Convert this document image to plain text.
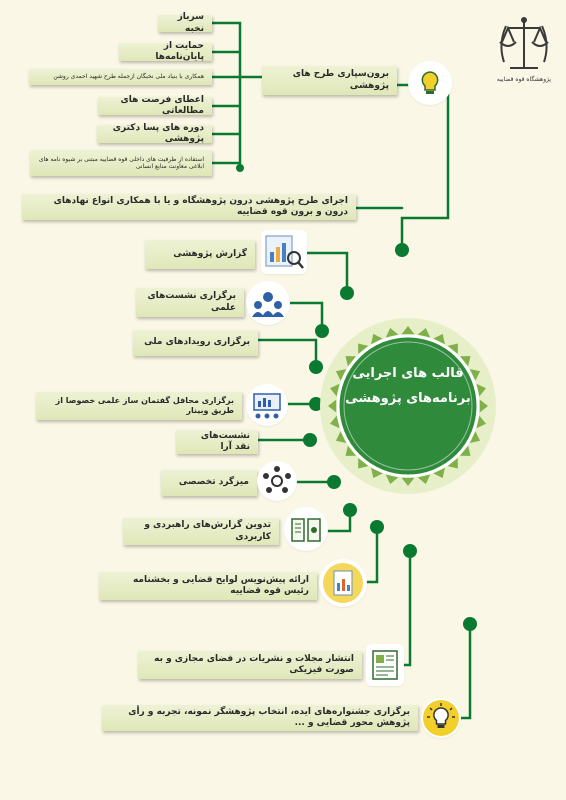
پژوهشگاه قوه قضاییه
قالب های اجرایی
برنامه‌های پژوهشی
سرباز نخبه
حمایت از پایان‌نامه‌ها
همکاری با بنیاد ملی نخبگان ازجمله طرح شهید احمدی روشن
اعطای فرصت های مطالعاتی
دوره های پسا دکتری پژوهشی
استفاده از ظرفیت های داخلی قوه قضاییه مبتنی بر شیوه نامه های ابلاغی معاونت منابع انسانی
برون‌سپاری طرح های پژوهشی
اجرای طرح پژوهشی درون پژوهشگاه و یا با همکاری انواع نهادهای درون و برون قوه قضاییه
گزارش پژوهشی
برگزاری نشست‌های علمی
برگزاری رویدادهای ملی
برگزاری محافل گفتمان ساز علمی خصوصا از طریق وبینار
نشست‌های نقد آرا
میزگرد تخصصی
تدوین گزارش‌های راهبردی و کاربردی
ارائه پیش‌نویس لوایح قضایی و بخشنامه رئیس قوه قضاییه
انتشار مجلات و نشریات در فضای مجازی و به صورت فیزیکی
برگزاری جشنواره‌های ایده، انتخاب پژوهشگر نمونه، تجربه و رأی پژوهش محور قضایی و ...
